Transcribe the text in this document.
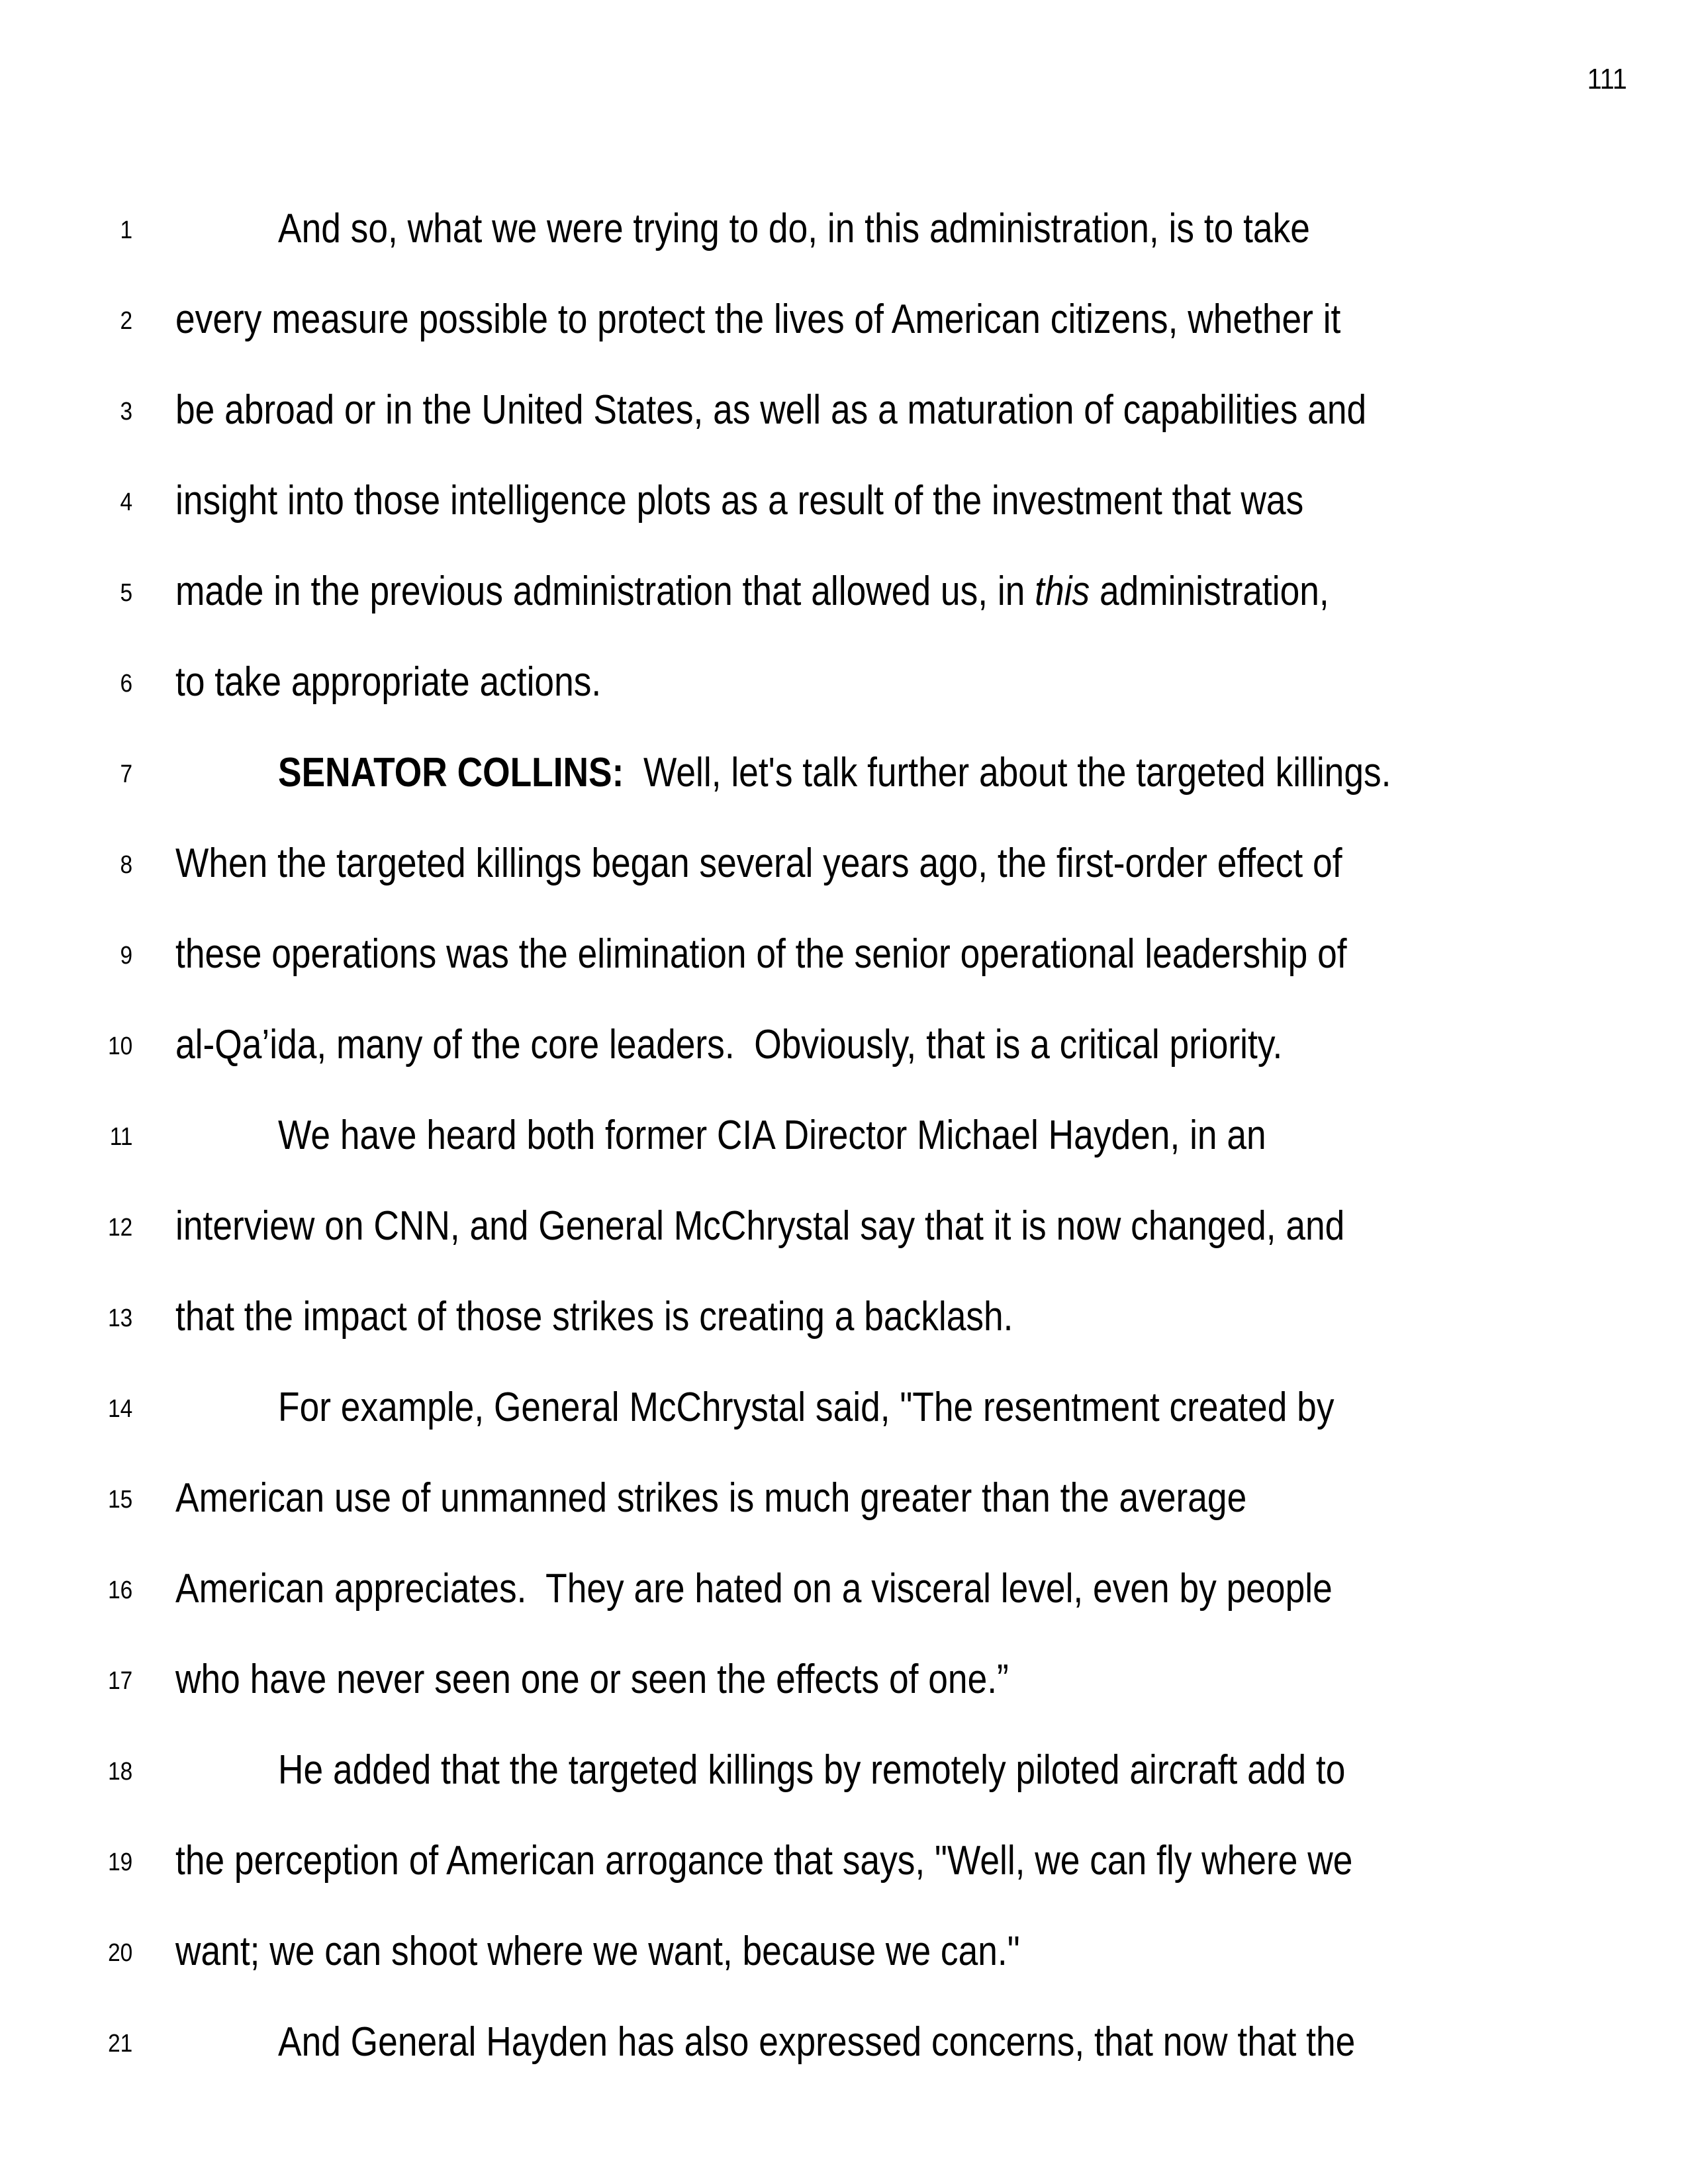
111
1	And so, what we were trying to do, in this administration, is to take
2 every measure possible to protect the lives of American citizens, whether it
3 be abroad or in the United States, as well as a maturation of capabilities and
4 insight into those intelligence plots as a result of the investment that was
5 made in the previous administration that allowed us, in this administration,
6 to take appropriate actions.
7	SENATOR COLLINS:  Well, let's talk further about the targeted killings.
8 When the targeted killings began several years ago, the first-order effect of
9 these operations was the elimination of the senior operational leadership of
10 al-Qa’ida, many of the core leaders.  Obviously, that is a critical priority.
11	We have heard both former CIA Director Michael Hayden, in an
12 interview on CNN, and General McChrystal say that it is now changed, and
13 that the impact of those strikes is creating a backlash.
14	For example, General McChrystal said, "The resentment created by
15 American use of unmanned strikes is much greater than the average
16 American appreciates.  They are hated on a visceral level, even by people
17 who have never seen one or seen the effects of one.”
18	He added that the targeted killings by remotely piloted aircraft add to
19 the perception of American arrogance that says, "Well, we can fly where we
20 want; we can shoot where we want, because we can."
21	And General Hayden has also expressed concerns, that now that the
